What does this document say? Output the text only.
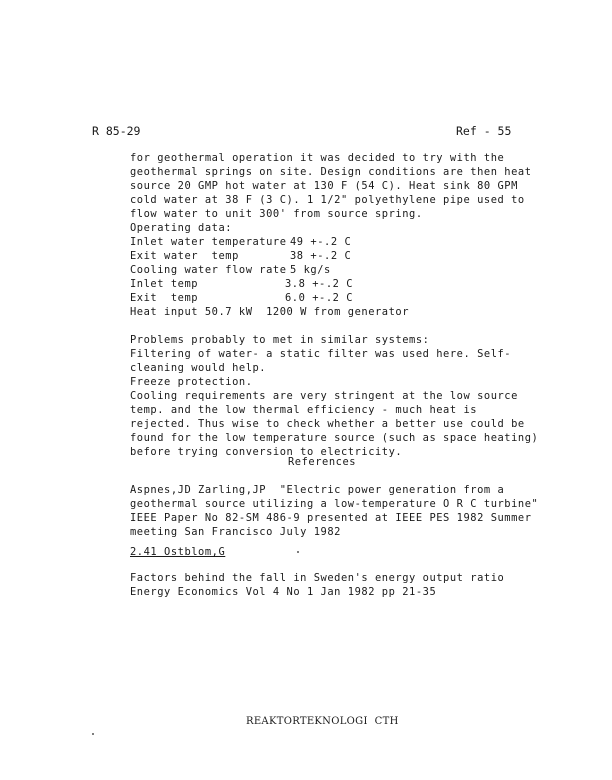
R 85-29	Ref - 55
for geothermal operation it was decided to try with the
geothermal springs on site. Design conditions are then heat
source 20 GMP hot water at 130 F (54 C). Heat sink 80 GPM
cold water at 38 F (3 C). 1 1/2" polyethylene pipe used to
flow water to unit 300' from source spring.
Operating data:
Inlet water temperature 49 +-.2 C
Exit water  temp	38 +-.2 C
Cooling water flow rate 5 kg/s
Inlet temp	3.8 +-.2 C
Exit  temp	6.0 +-.2 C
Heat input 50.7 kW  1200 W from generator
Problems probably to met in similar systems:
Filtering of water- a static filter was used here. Self-
cleaning would help.
Freeze protection.
Cooling requirements are very stringent at the low source
temp. and the low thermal efficiency - much heat is
rejected. Thus wise to check whether a better use could be
found for the low temperature source (such as space heating)
before trying conversion to electricity.
References
Aspnes,JD Zarling,JP  "Electric power generation from a
geothermal source utilizing a low-temperature O R C turbine"
IEEE Paper No 82-SM 486-9 presented at IEEE PES 1982 Summer
meeting San Francisco July 1982
2.41 Ostblom,G
Factors behind the fall in Sweden's energy output ratio
Energy Economics Vol 4 No 1 Jan 1982 pp 21-35
REAKTORTEKNOLOGI  CTH
